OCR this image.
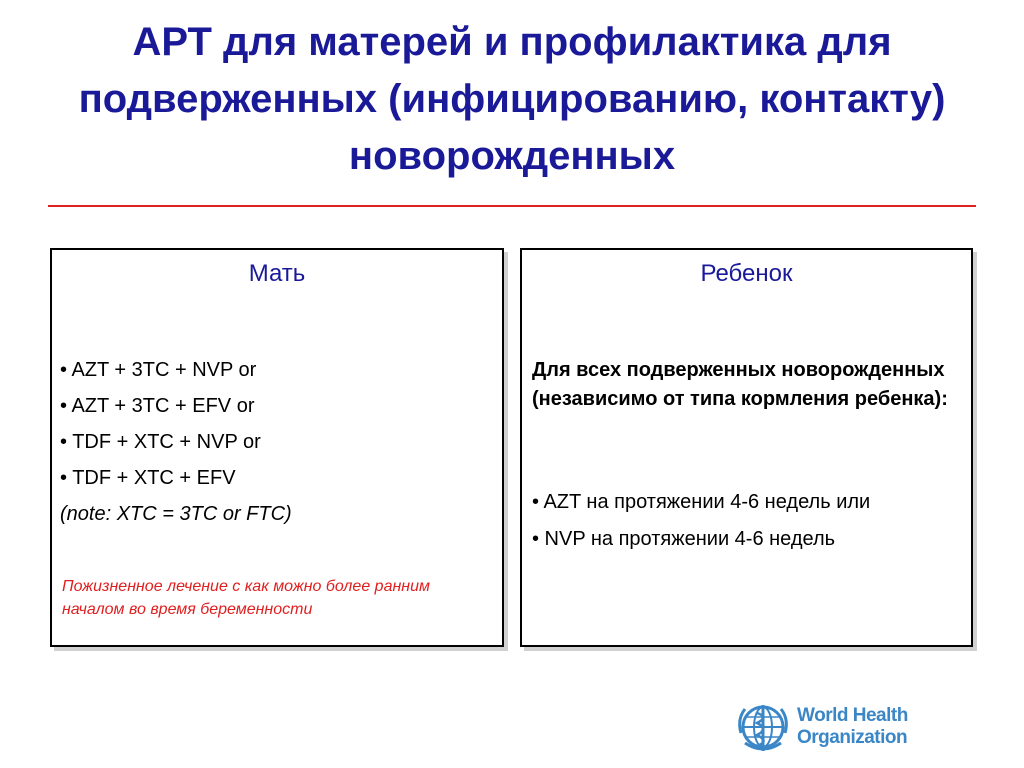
АРТ для матерей и профилактика для подверженных (инфицированию, контакту) новорожденных
Мать
• AZT + 3TC + NVP or
• AZT + 3TC + EFV or
• TDF + XTC + NVP or
• TDF + XTC + EFV
(note: XTC = 3TC or FTC)
Пожизненное лечение с как можно более ранним началом во время беременности
Ребенок
Для всех подверженных новорожденных (независимо от типа кормления ребенка):
• AZT на протяжении 4-6 недель или
• NVP на протяжении 4-6 недель
World Health
Organization
